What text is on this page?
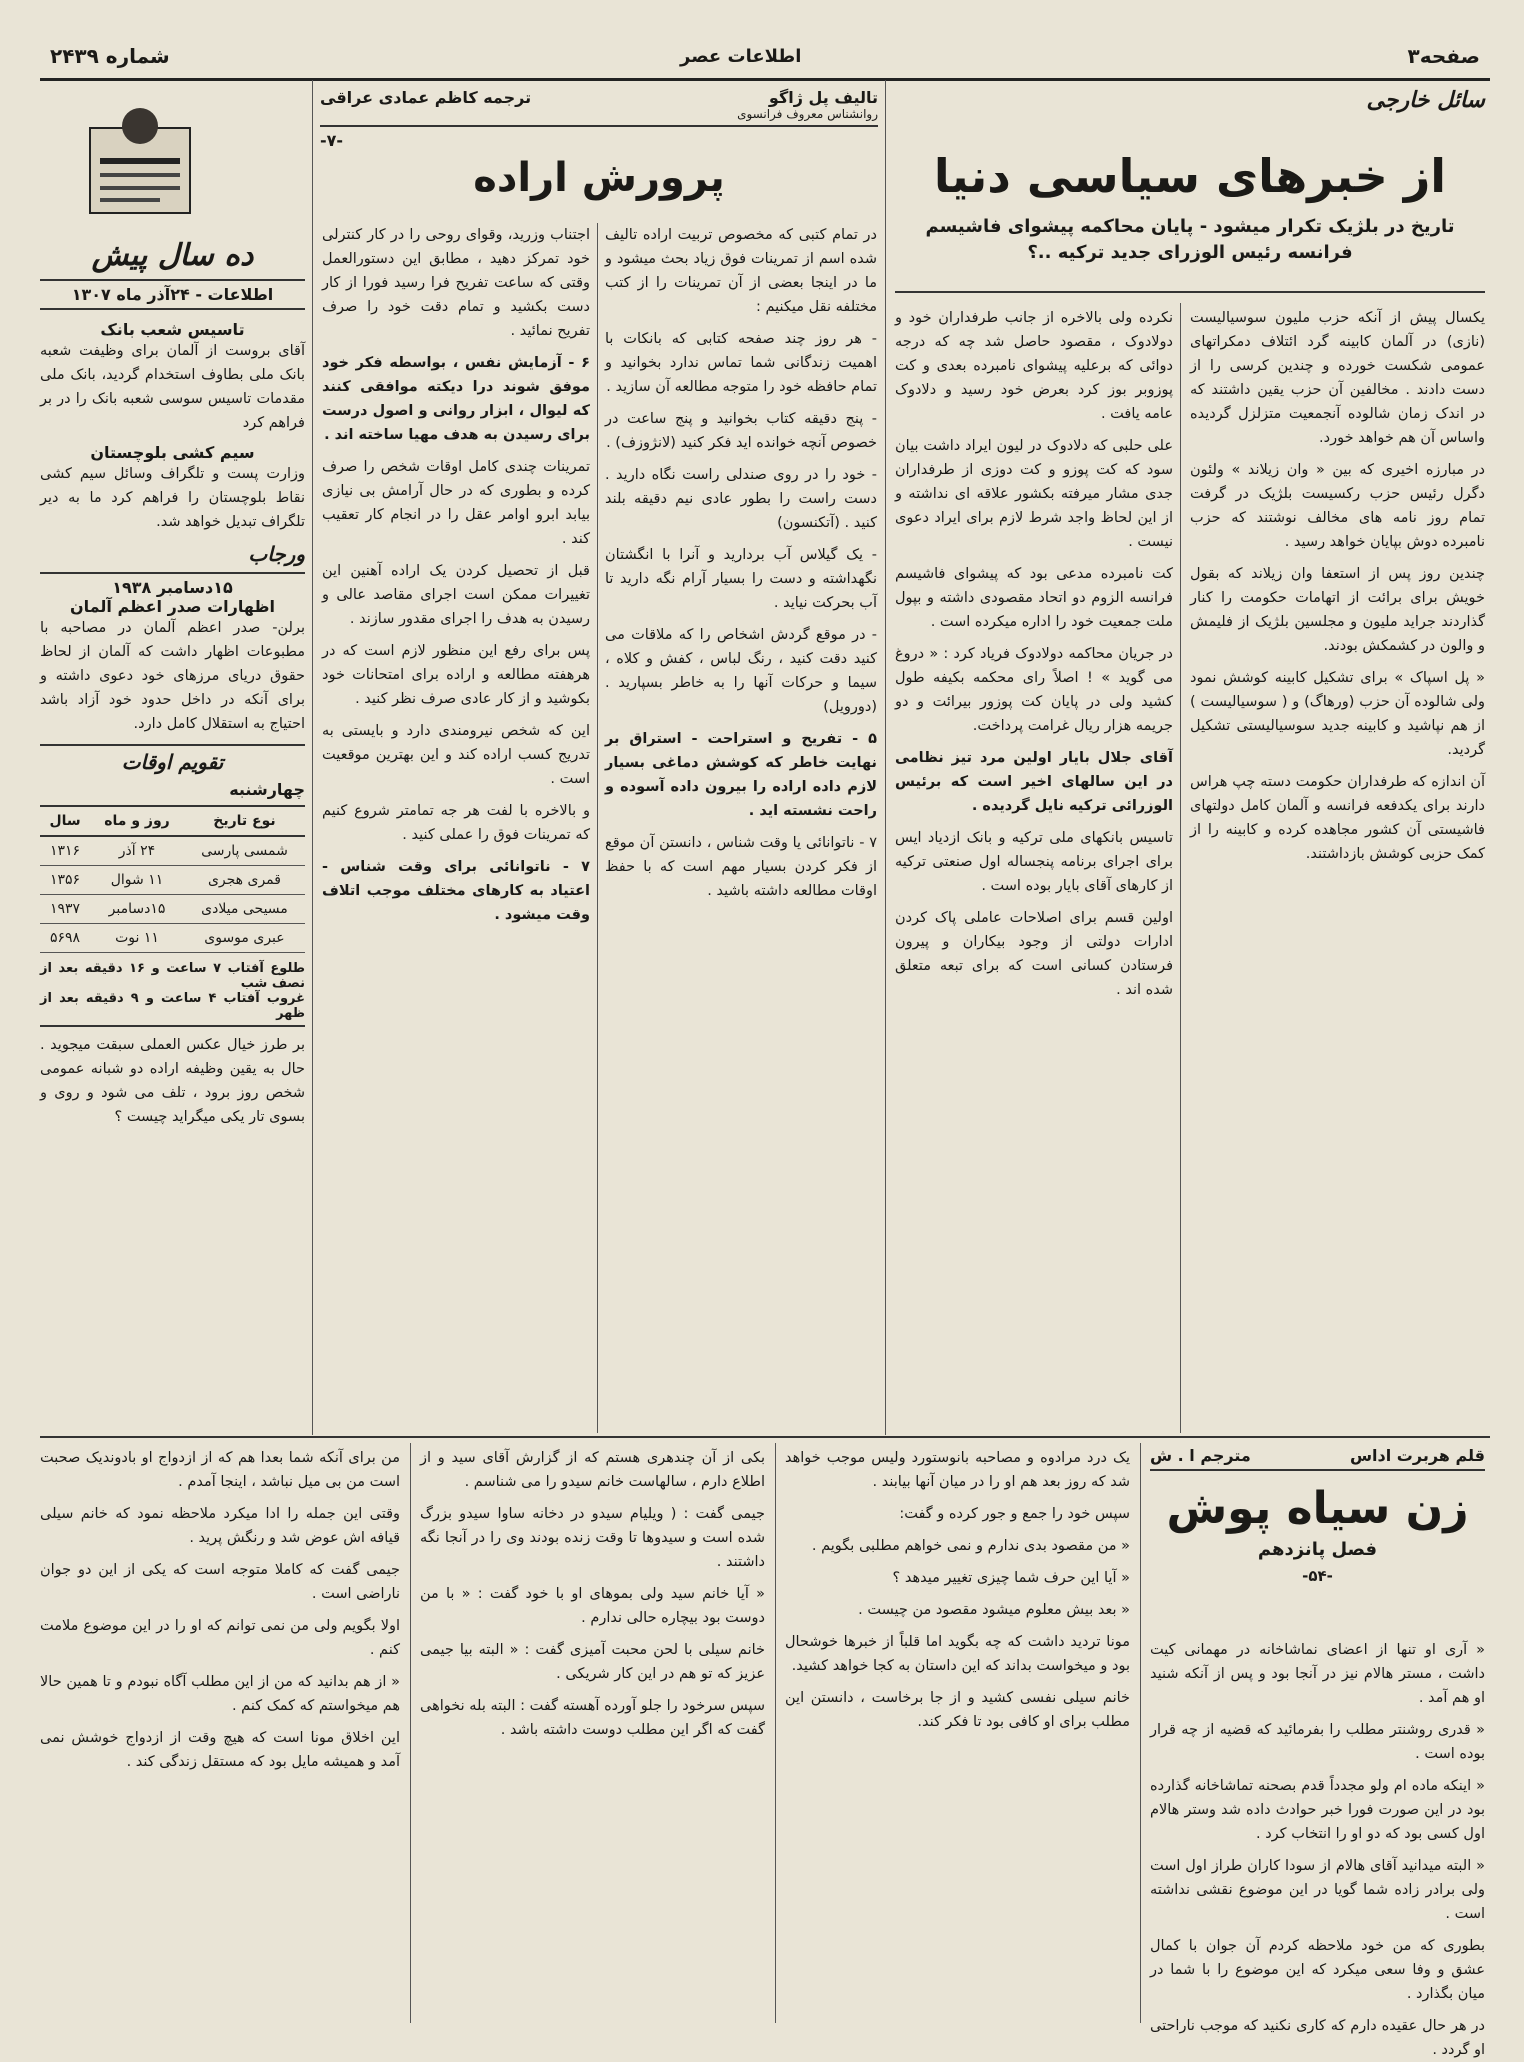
صفحه۳
اطلاعات عصر
شماره ۲۴۳۹
سائل خارجی
از خبرهای سیاسی دنیا
تاریخ در بلژیک تکرار میشود - پایان محاکمه پیشوای فاشیسم فرانسه رئیس الوزرای جدید ترکیه ..؟

یکسال پیش از آنکه حزب ملیون سوسیالیست (نازی) در آلمان کابینه گرد ائتلاف دمکراتهای عمومی شکست خورده و چندین کرسی را از دست دادند . مخالفین آن حزب یقین داشتند که در اندک زمان شالوده آنجمعیت متزلزل گردیده واساس آن هم خواهد خورد.

در مبارزه اخیری که بین « وان زیلاند » ولئون دگرل رئیس حزب رکسیست بلژیک در گرفت تمام روز نامه های مخالف نوشتند که حزب نامبرده دوش بپایان خواهد رسید .

چندین روز پس از استعفا وان زیلاند که بقول خویش برای برائت از اتهامات حکومت را کنار گذاردند جراید ملیون و مجلسین بلژیک از فلیمش و والون در کشمکش بودند.

« پل اسپاک » برای تشکیل کابینه کوشش نمود ولی شالوده آن حزب (ورهاگ) و ( سوسیالیست ) از هم نپاشید و کابینه جدید سوسیالیستی تشکیل گردید.

آن اندازه که طرفداران حکومت دسته چپ هراس دارند برای یکدفعه فرانسه و آلمان کامل دولتهای فاشیستی آن کشور مجاهده کرده و کابینه را از کمک حزبی کوشش بازداشتند.

نکرده ولی بالاخره از جانب طرفداران خود و دولادوک ، مقصود حاصل شد چه که درجه دوائی که برعلیه پیشوای نامبرده بعدی و کت پوزوبر بوز کرد بعرض خود رسید و دلادوک عامه یافت .

علی حلبی که دلادوک در لیون ایراد داشت بیان سود که کت پوزو و کت دوزی از طرفداران جدی مشار میرفته بکشور علاقه ای نداشته و از این لحاظ واجد شرط لازم برای ایراد دعوی نیست .

کت نامبرده مدعی بود که پیشوای فاشیسم فرانسه الزوم دو اتحاد مقصودی داشته و بپول ملت جمعیت خود را اداره میکرده است .

در جریان محاکمه دولادوک فریاد کرد : « دروغ می گوید » ! اصلاً رای محکمه بکیفه طول کشید ولی در پایان کت پوزور بیرائت و دو جریمه هزار ریال غرامت پرداخت.

آقای جلال بایار اولین مرد تیز نظامی در این سالهای اخیر است که برئیس الوزرائی ترکیه نایل گردیده .

تاسیس بانکهای ملی ترکیه و بانک ازدیاد ایس برای اجرای برنامه پنجساله اول صنعتی ترکیه از کارهای آقای بایار بوده است .

اولین قسم برای اصلاحات عاملی پاک کردن ادارات دولتی از وجود بیکاران و پیرون فرستادن کسانی است که برای تبعه متعلق شده اند .

تالیف پل ژاگو
روانشناس معروف فرانسوی
ترجمه کاظم عمادی عراقی
-۷-
پرورش اراده

در تمام کتبی که مخصوص تربیت اراده تالیف شده اسم از تمرینات فوق زیاد بحث میشود و ما در اینجا بعضی از آن تمرینات را از کتب مختلفه نقل میکنیم :

- هر روز چند صفحه کتابی که بانکات با اهمیت زندگانی شما تماس ندارد بخوانید و تمام حافظه خود را متوجه مطالعه آن سازید .

- پنج دقیقه کتاب بخوانید و پنج ساعت در خصوص آنچه خوانده اید فکر کنید (لانژوزف) .

- خود را در روی صندلی راست نگاه دارید . دست راست را بطور عادی نیم دقیقه بلند کنید . (آتکنسون)

- یک گیلاس آب بردارید و آنرا با انگشتان نگهداشته و دست را بسیار آرام نگه دارید تا آب بحرکت نیاید .

- در موقع گردش اشخاص را که ملاقات می کنید دقت کنید ، رنگ لباس ، کفش و کلاه ، سیما و حرکات آنها را به خاطر بسپارید . (دورویل)

۵ - تفریح و استراحت - استراق بر نهایت خاطر که کوشش دماغی بسیار لازم داده اراده را بیرون داده آسوده و راحت نشسته اید .

۷ - ناتوانائی یا وقت شناس ، دانستن آن موقع از فکر کردن بسیار مهم است که با حفظ اوقات مطالعه داشته باشید .

اجتناب وزرید، وقوای روحی را در کار کنترلی خود تمرکز دهید ، مطابق این دستورالعمل وقتی که ساعت تفریح فرا رسید فورا از کار دست بکشید و تمام دقت خود را صرف تفریح نمائید .

۶ - آزمایش نفس ، بواسطه فکر خود موفق شوند درا دیکته موافقی کنند که لیوال ، ابزار روانی و اصول درست برای رسیدن به هدف مهیا ساخته اند .

تمرینات چندی کامل اوقات شخص را صرف کرده و بطوری که در حال آرامش بی نیازی بیابد ابرو اوامر عقل را در انجام کار تعقیب کند .

قبل از تحصیل کردن یک اراده آهنین این تغییرات ممکن است اجرای مقاصد عالی و رسیدن به هدف را اجرای مقدور سازند .

پس برای رفع این منظور لازم است که در هرهفته مطالعه و اراده برای امتحانات خود بکوشید و از کار عادی صرف نظر کنید .

این که شخص نیرومندی دارد و بایستی به تدریج کسب اراده کند و این بهترین موقعیت است .

و بالاخره با لفت هر جه تمامتر شروع کنیم که تمرینات فوق را عملی کنید .

۷ - ناتوانائی برای وقت شناس - اعتیاد به کارهای مختلف موجب اتلاف وقت میشود .

ده سال پیش
اطلاعات - ۲۴آذر ماه ۱۳۰۷
تاسیس شعب بانک

آقای بروست از آلمان برای وظیفت شعبه بانک ملی بطاوف استخدام گردید، بانک ملی مقدمات تاسیس سوسی شعبه بانک را در بر فراهم کرد

سیم کشی بلوچستان

وزارت پست و تلگراف وسائل سیم کشی نقاط بلوچستان را فراهم کرد ما به دیر تلگراف تبدیل خواهد شد.

ورجاب
۱۵دسامبر ۱۹۳۸
اظهارات صدر اعظم آلمان

برلن- صدر اعظم آلمان در مصاحبه با مطبوعات اظهار داشت که آلمان از لحاظ حقوق دریای مرزهای خود دعوی داشته و برای آنکه در داخل حدود خود آزاد باشد احتیاج به استقلال کامل دارد.

تقویم اوقات
چهارشنبه
نوع تاریخ	روز و ماه	سال
شمسی پارسی	۲۴ آذر	۱۳۱۶
قمری هجری	۱۱ شوال	۱۳۵۶
مسیحی میلادی	۱۵دسامبر	۱۹۳۷
عبری موسوی	۱۱ نوت	۵۶۹۸
طلوع آفتاب ۷ ساعت و ۱۶ دقیقه بعد از نصف شب
غروب آفتاب ۴ ساعت و ۹ دقیقه بعد از ظهر

بر طرز خیال عکس العملی سبقت میجوید . حال به یقین وظیفه اراده دو شبانه عمومی شخص روز برود ، تلف می شود و روی و بسوی تار یکی میگراید چیست ؟

قلم هربرت اداس
مترجم ا . ش
زن سیاه پوش
فصل پانزدهم
-۵۴-

« آری او تنها از اعضای نماشاخانه در مهمانی کیت داشت ، مستر هالام نیز در آنجا بود و پس از آنکه شنید او هم آمد .

« قدری روشنتر مطلب را بفرمائید که قضیه از چه قرار بوده است .

« اینکه ماده ام ولو مجدداً قدم بصحنه تماشاخانه گذارده بود در این صورت فورا خبر حوادث داده شد وستر هالام اول کسی بود که دو او را انتخاب کرد .

« البته میدانید آقای هالام از سودا کاران طراز اول است ولی برادر زاده شما گویا در این موضوع نقشی نداشته است .

بطوری که من خود ملاحظه کردم آن جوان با کمال عشق و وفا سعی میکرد که این موضوع را با شما در میان بگذارد .

در هر حال عقیده دارم که کاری نکنید که موجب ناراحتی او گردد .

یک درد مرادوه و مصاحبه بانوستورد ولیس موجب خواهد شد که روز بعد هم او را در میان آنها بیابند .

سپس خود را جمع و جور کرده و گفت:

« من مقصود بدی ندارم و نمی خواهم مطلبی بگویم .

« آیا این حرف شما چیزی تغییر میدهد ؟

« بعد بیش معلوم میشود مقصود من چیست .

مونا تردید داشت که چه بگوید اما قلباً از خبرها خوشحال بود و میخواست بداند که این داستان به کجا خواهد کشید.

خانم سیلی نفسی کشید و از جا برخاست ، دانستن این مطلب برای او کافی بود تا فکر کند.

بکی از آن چندهری هستم که از گزارش آقای سید و از اطلاع دارم ، سالهاست خانم سیدو را می شناسم .

جیمی گفت : ( ویلیام سیدو در دخانه ساوا سیدو بزرگ شده است و سیدوها تا وقت زنده بودند وی را در آنجا نگه داشتند .

« آیا خانم سید ولی بموهای او با خود گفت : « با من دوست بود بیچاره حالی ندارم .

خانم سیلی با لحن محبت آمیزی گفت : « البته بیا جیمی عزیز که تو هم در این کار شریکی .

سپس سرخود را جلو آورده آهسته گفت : البته بله نخواهی گفت که اگر این مطلب دوست داشته باشد .

من برای آنکه شما بعدا هم که از ازدواج او بادوندیک صحبت است من بی میل نباشد ، اینجا آمدم .

وقتی این جمله را ادا میکرد ملاحظه نمود که خانم سیلی قیافه اش عوض شد و رنگش پرید .

جیمی گفت که کاملا متوجه است که یکی از این دو جوان ناراضی است .

اولا بگویم ولی من نمی توانم که او را در این موضوع ملامت کنم .

« از هم بدانید که من از این مطلب آگاه نبودم و تا همین حالا هم میخواستم که کمک کنم .

این اخلاق مونا است که هیچ وقت از ازدواج خوشش نمی آمد و همیشه مایل بود که مستقل زندگی کند .
